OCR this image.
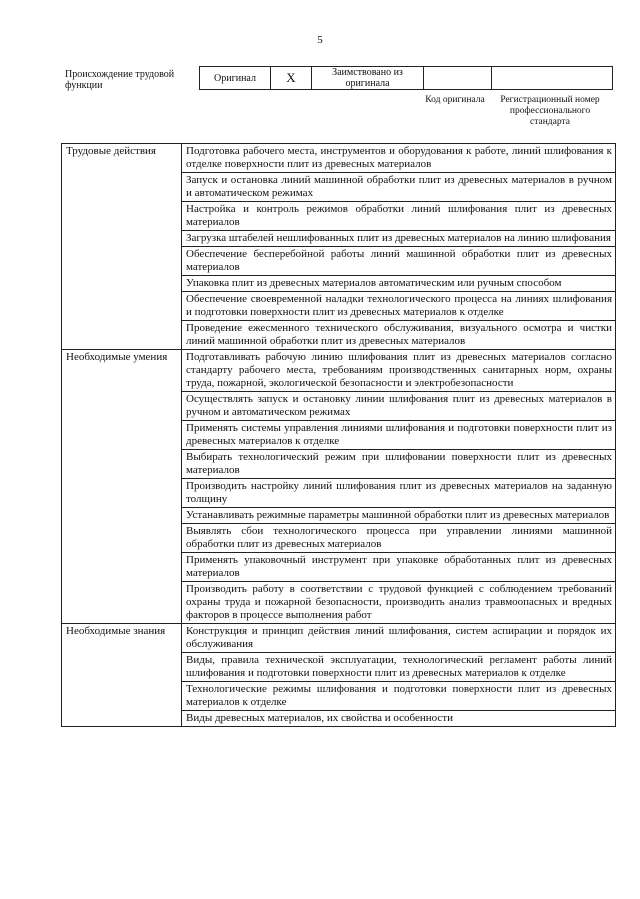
5
Происхождение трудовой функции
Оригинал	X	Заимствовано из оригинала		
Код оригинала	Регистрационный номер профессионального стандарта
Трудовые действия	Подготовка рабочего места, инструментов и оборудования к работе, линий шлифования к отделке поверхности плит из древесных материалов
	Запуск и остановка линий машинной обработки плит из древесных материалов в ручном и автоматическом режимах
	Настройка и контроль режимов обработки линий шлифования плит из древесных материалов
	Загрузка штабелей нешлифованных плит из древесных материалов на линию шлифования
	Обеспечение бесперебойной работы линий машинной обработки плит из древесных материалов
	Упаковка плит из древесных материалов автоматическим или ручным способом
	Обеспечение своевременной наладки технологического процесса на линиях шлифования и подготовки поверхности плит из древесных материалов к отделке
	Проведение ежесменного технического обслуживания, визуального осмотра и чистки линий машинной обработки плит из древесных материалов
Необходимые умения	Подготавливать рабочую линию шлифования плит из древесных материалов согласно стандарту рабочего места, требованиям производственных санитарных норм, охраны труда, пожарной, экологической безопасности и электробезопасности
	Осуществлять запуск и остановку линии шлифования плит из древесных материалов в ручном и автоматическом режимах
	Применять системы управления линиями шлифования и подготовки поверхности плит из древесных материалов к отделке
	Выбирать технологический режим при шлифовании поверхности плит из древесных материалов
	Производить настройку линий шлифования плит из древесных материалов на заданную толщину
	Устанавливать режимные параметры машинной обработки плит из древесных материалов
	Выявлять сбои технологического процесса при управлении линиями машинной обработки плит из древесных материалов
	Применять упаковочный инструмент при упаковке обработанных плит из древесных материалов
	Производить работу в соответствии с трудовой функцией с соблюдением требований охраны труда и пожарной безопасности, производить анализ травмоопасных и вредных факторов в процессе выполнения работ
Необходимые знания	Конструкция и принцип действия линий шлифования, систем аспирации и порядок их обслуживания
	Виды, правила технической эксплуатации, технологический регламент работы линий шлифования и подготовки поверхности плит из древесных материалов к отделке
	Технологические режимы шлифования и подготовки поверхности плит из древесных материалов к отделке
	Виды древесных материалов, их свойства и особенности
